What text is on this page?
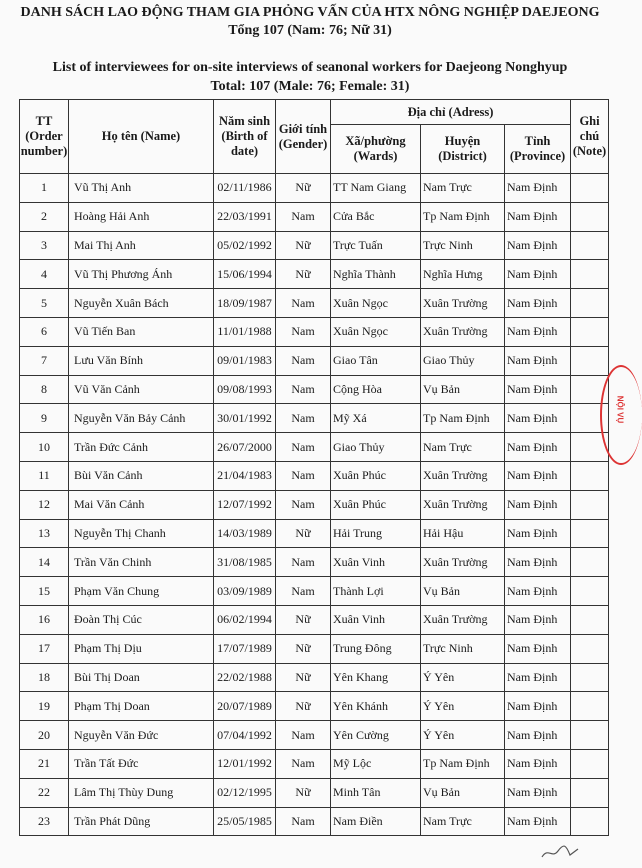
DANH SÁCH LAO ĐỘNG THAM GIA PHỎNG VẤN CỦA HTX NÔNG NGHIỆP DAEJEONG
Tổng 107 (Nam: 76; Nữ 31)
List of interviewees for on-site interviews of seanonal workers for Daejeong Nonghyup
Total: 107 (Male: 76; Female: 31)
TT (Order number)	Họ tên (Name)	Năm sinh (Birth of date)	Giới tính (Gender)	Địa chỉ (Adress)			Ghi chú (Note)
				Xã/phường (Wards)	Huyện (District)	Tỉnh (Province)	
1	Vũ Thị Anh	02/11/1986	Nữ	TT Nam Giang	Nam Trực	Nam Định	
2	Hoàng Hải Anh	22/03/1991	Nam	Cửa Bắc	Tp Nam Định	Nam Định	
3	Mai Thị Anh	05/02/1992	Nữ	Trực Tuấn	Trực Ninh	Nam Định	
4	Vũ Thị Phương Ánh	15/06/1994	Nữ	Nghĩa Thành	Nghĩa Hưng	Nam Định	
5	Nguyễn Xuân Bách	18/09/1987	Nam	Xuân Ngọc	Xuân Trường	Nam Định	
6	Vũ Tiến Ban	11/01/1988	Nam	Xuân Ngọc	Xuân Trường	Nam Định	
7	Lưu Văn Bính	09/01/1983	Nam	Giao Tân	Giao Thủy	Nam Định	
8	Vũ Văn Cảnh	09/08/1993	Nam	Cộng Hòa	Vụ Bản	Nam Định	
9	Nguyễn Văn Bảy Cảnh	30/01/1992	Nam	Mỹ Xá	Tp Nam Định	Nam Định	
10	Trần Đức Cảnh	26/07/2000	Nam	Giao Thủy	Nam Trực	Nam Định	
11	Bùi Văn Cảnh	21/04/1983	Nam	Xuân Phúc	Xuân Trường	Nam Định	
12	Mai Văn Cảnh	12/07/1992	Nam	Xuân Phúc	Xuân Trường	Nam Định	
13	Nguyễn Thị Chanh	14/03/1989	Nữ	Hải Trung	Hải Hậu	Nam Định	
14	Trần Văn Chinh	31/08/1985	Nam	Xuân Vinh	Xuân Trường	Nam Định	
15	Phạm Văn Chung	03/09/1989	Nam	Thành Lợi	Vụ Bản	Nam Định	
16	Đoàn Thị Cúc	06/02/1994	Nữ	Xuân Vinh	Xuân Trường	Nam Định	
17	Phạm Thị Dịu	17/07/1989	Nữ	Trung Đông	Trực Ninh	Nam Định	
18	Bùi Thị Doan	22/02/1988	Nữ	Yên Khang	Ý Yên	Nam Định	
19	Phạm Thị Doan	20/07/1989	Nữ	Yên Khánh	Ý Yên	Nam Định	
20	Nguyễn Văn Đức	07/04/1992	Nam	Yên Cường	Ý Yên	Nam Định	
21	Trần Tất Đức	12/01/1992	Nam	Mỹ Lộc	Tp Nam Định	Nam Định	
22	Lâm Thị Thùy Dung	02/12/1995	Nữ	Minh Tân	Vụ Bản	Nam Định	
23	Trần Phát Dũng	25/05/1985	Nam	Nam Điền	Nam Trực	Nam Định	
NỘI VỤ
